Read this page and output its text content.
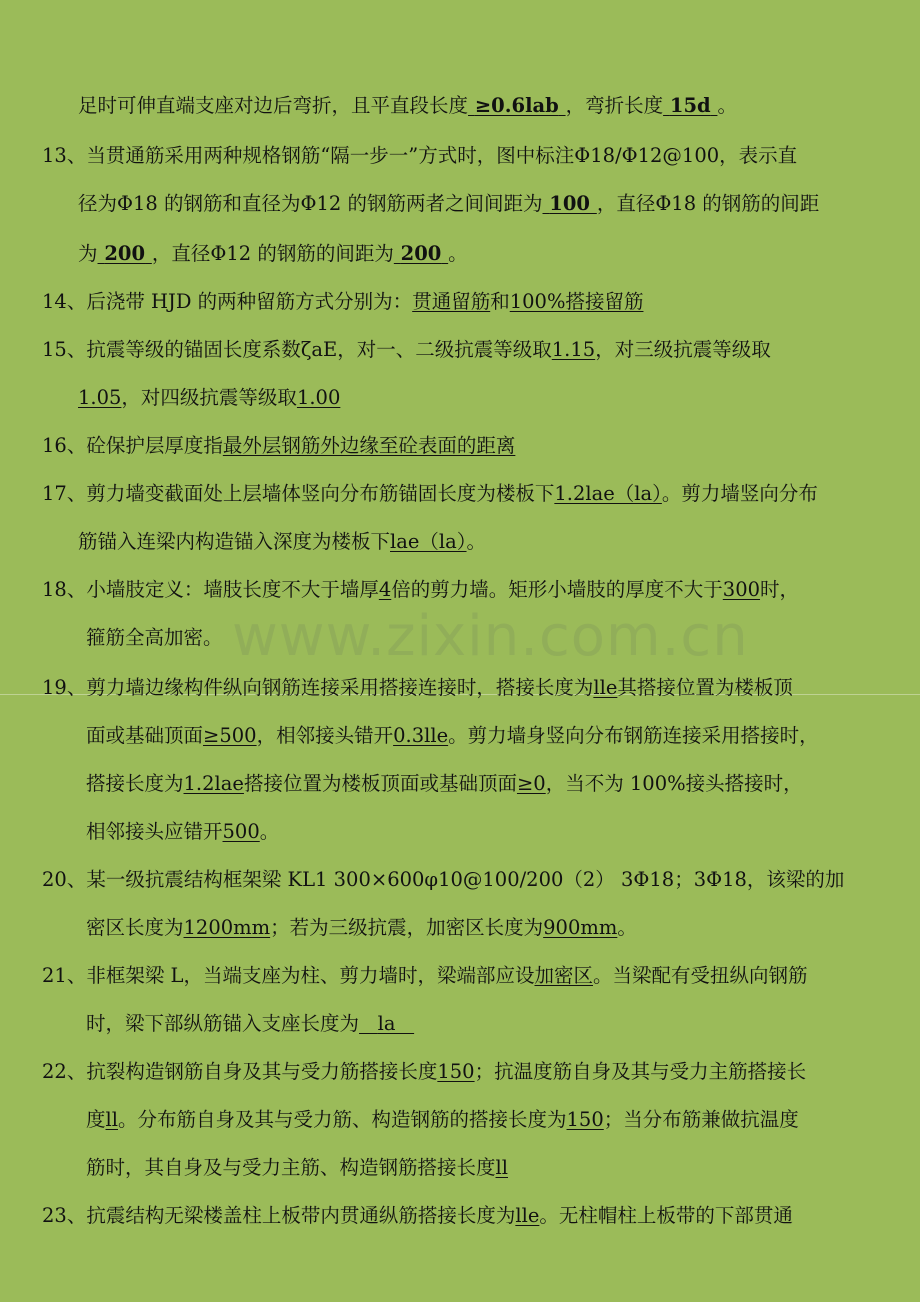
www.zixin.com.cn
足时可伸直端支座对边后弯折，且平直段长度 ≥0.6lab ，弯折长度 15d 。
13、当贯通筋采用两种规格钢筋“隔一步一”方式时，图中标注Φ18/Φ12@100，表示直
径为Φ18 的钢筋和直径为Φ12 的钢筋两者之间间距为 100 ，直径Φ18 的钢筋的间距
为 200 ，直径Φ12 的钢筋的间距为 200 。
14、后浇带 HJD 的两种留筋方式分别为：贯通留筋和100%搭接留筋
15、抗震等级的锚固长度系数ζaE，对一、二级抗震等级取1.15，对三级抗震等级取
1.05，对四级抗震等级取1.00
16、砼保护层厚度指最外层钢筋外边缘至砼表面的距离
17、剪力墙变截面处上层墙体竖向分布筋锚固长度为楼板下1.2lae（la）。剪力墙竖向分布
筋锚入连梁内构造锚入深度为楼板下lae（la）。
18、小墙肢定义：墙肢长度不大于墙厚4倍的剪力墙。矩形小墙肢的厚度不大于300时，
箍筋全高加密。
19、剪力墙边缘构件纵向钢筋连接采用搭接连接时，搭接长度为lle其搭接位置为楼板顶
面或基础顶面≥500，相邻接头错开0.3lle。剪力墙身竖向分布钢筋连接采用搭接时，
搭接长度为1.2lae搭接位置为楼板顶面或基础顶面≥0，当不为 100%接头搭接时，
相邻接头应错开500。
20、某一级抗震结构框架梁 KL1 300×600φ10@100/200（2） 3Φ18；3Φ18，该梁的加
密区长度为1200mm；若为三级抗震，加密区长度为900mm。
21、非框架梁 L，当端支座为柱、剪力墙时，梁端部应设加密区。当梁配有受扭纵向钢筋
时，梁下部纵筋锚入支座长度为 la
22、抗裂构造钢筋自身及其与受力筋搭接长度150；抗温度筋自身及其与受力主筋搭接长
度ll。分布筋自身及其与受力筋、构造钢筋的搭接长度为150；当分布筋兼做抗温度
筋时，其自身及与受力主筋、构造钢筋搭接长度ll
23、抗震结构无梁楼盖柱上板带内贯通纵筋搭接长度为lle。无柱帽柱上板带的下部贯通
